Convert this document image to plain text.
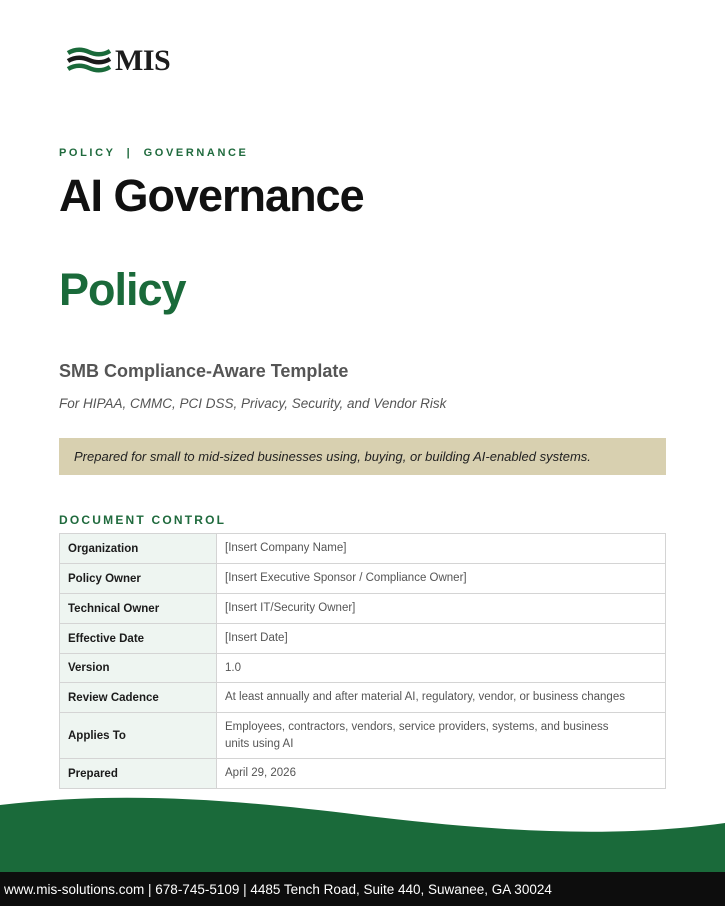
MIS
POLICY  |  GOVERNANCE
AI Governance
Policy
SMB Compliance-Aware Template
For HIPAA, CMMC, PCI DSS, Privacy, Security, and Vendor Risk
Prepared for small to mid-sized businesses using, buying, or building AI-enabled systems.
DOCUMENT CONTROL
Organization	[Insert Company Name]
Policy Owner	[Insert Executive Sponsor / Compliance Owner]
Technical Owner	[Insert IT/Security Owner]
Effective Date	[Insert Date]
Version	1.0
Review Cadence	At least annually and after material AI, regulatory, vendor, or business changes
Applies To	Employees, contractors, vendors, service providers, systems, and business units using AI
Prepared	April 29, 2026
www.mis-solutions.com | 678-745-5109 | 4485 Tench Road, Suite 440, Suwanee, GA 30024
